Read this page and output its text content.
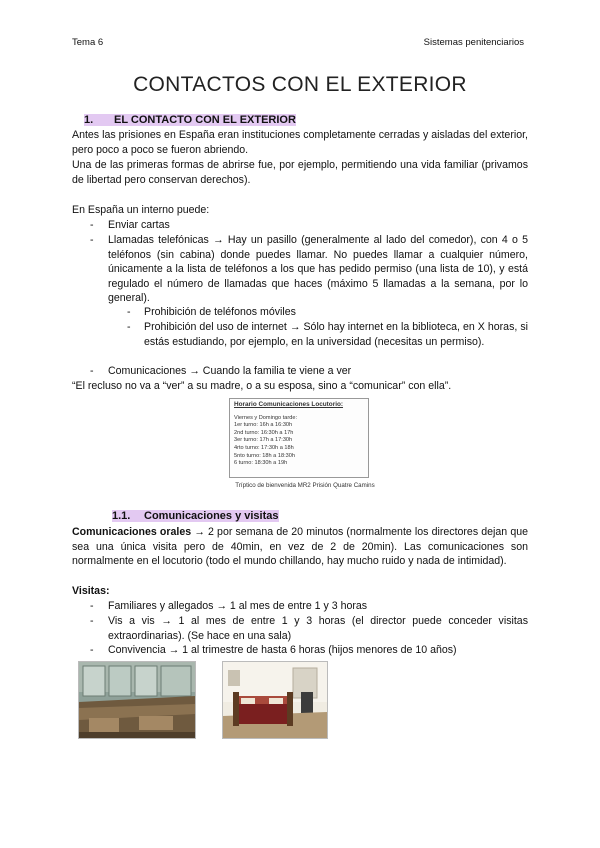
Tema 6	Sistemas penitenciarios
CONTACTOS CON EL EXTERIOR
1. EL CONTACTO CON EL EXTERIOR
Antes las prisiones en España eran instituciones completamente cerradas y aisladas del exterior, pero poco a poco se fueron abriendo.
Una de las primeras formas de abrirse fue, por ejemplo, permitiendo una vida familiar (privamos de libertad pero conservan derechos).
En España un interno puede:
- Enviar cartas
- Llamadas telefónicas → Hay un pasillo (generalmente al lado del comedor), con 4 o 5 teléfonos (sin cabina) donde puedes llamar. No puedes llamar a cualquier número, únicamente a la lista de teléfonos a los que has pedido permiso (una lista de 10), y está regulado el número de llamadas que haces (máximo 5 llamadas a la semana, por lo general).
- Prohibición de teléfonos móviles
- Prohibición del uso de internet → Sólo hay internet en la biblioteca, en X horas, si estás estudiando, por ejemplo, en la universidad (necesitas un permiso).
- Comunicaciones → Cuando la familia te viene a ver
“El recluso no va a “ver” a su madre, o a su esposa, sino a “comunicar” con ella”.
Horario Comunicaciones Locutorio:
Viernes y Domingo tarde:
1er turno: 16h a 16:30h
2nd turno: 16:30h a 17h
3er turno: 17h a 17:30h
4rto turno: 17:30h a 18h
5nto turno: 18h a 18:30h
6 turno: 18:30h a 19h
Tríptico de bienvenida MR2 Prisión Quatre Camins
1.1. Comunicaciones y visitas
Comunicaciones orales → 2 por semana de 20 minutos (normalmente los directores dejan que sea una única visita pero de 40min, en vez de 2 de 20min). Las comunicaciones son normalmente en el locutorio (todo el mundo chillando, hay mucho ruido y nada de intimidad).
Visitas:
- Familiares y allegados → 1 al mes de entre 1 y 3 horas
- Vis a vis → 1 al mes de entre 1 y 3 horas (el director puede conceder visitas extraordinarias). (Se hace en una sala)
- Convivencia → 1 al trimestre de hasta 6 horas (hijos menores de 10 años)
